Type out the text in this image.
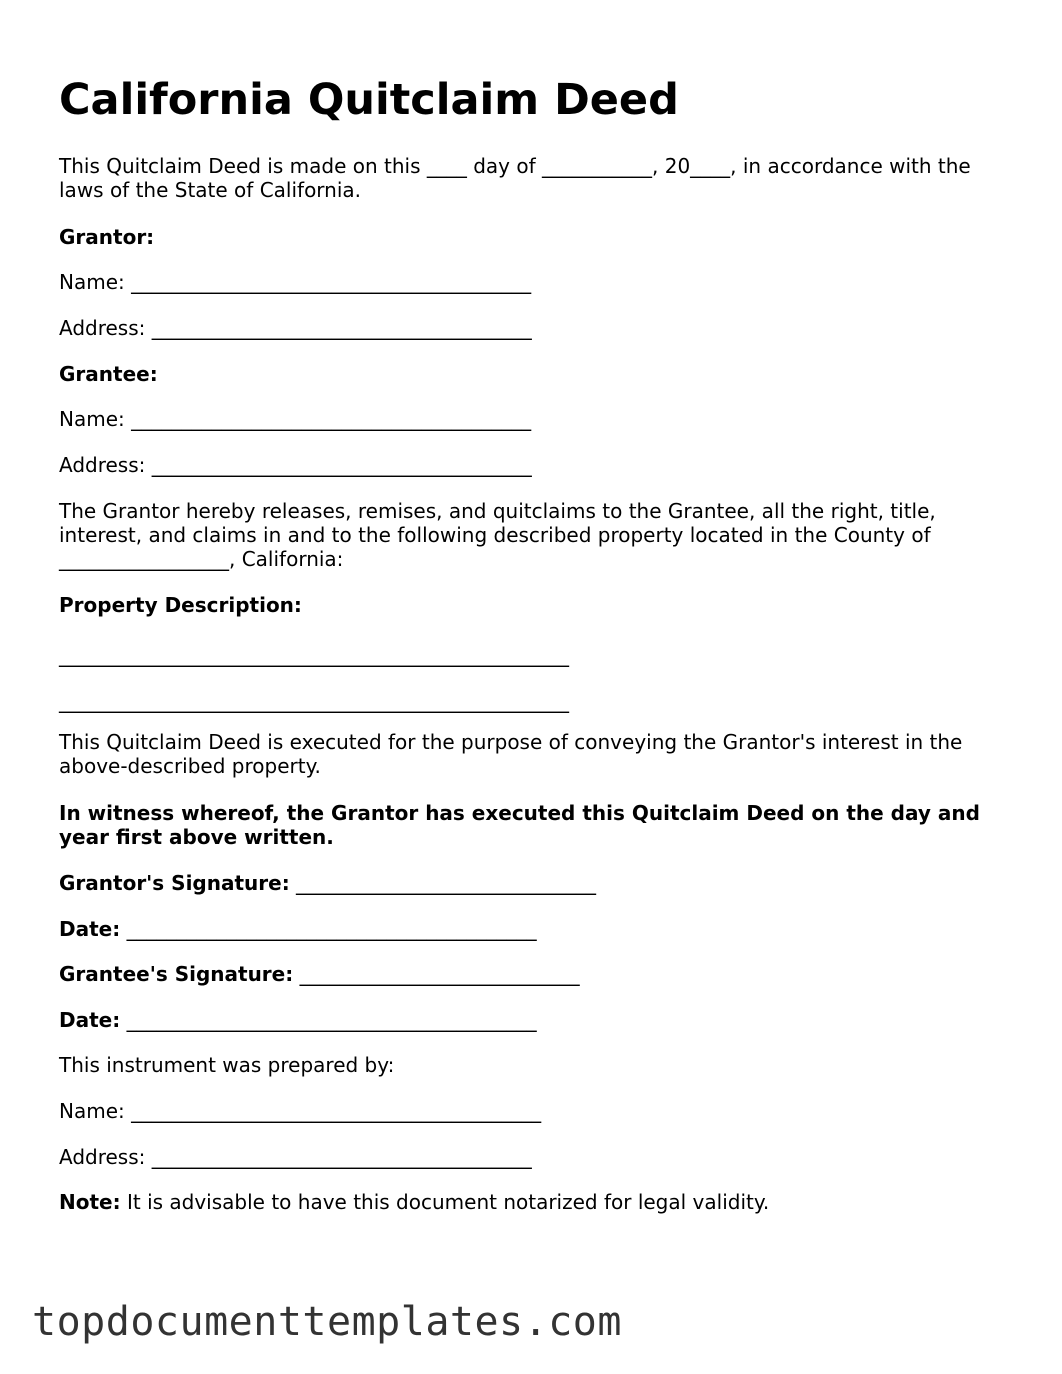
California Quitclaim Deed
This Quitclaim Deed is made on this ____ day of ___________, 20____, in accordance with the laws of the State of California.
Grantor:
Name: ________________________________________
Address: ______________________________________
Grantee:
Name: ________________________________________
Address: ______________________________________
The Grantor hereby releases, remises, and quitclaims to the Grantee, all the right, title, interest, and claims in and to the following described property located in the County of _________________, California:
Property Description:
___________________________________________________
___________________________________________________
This Quitclaim Deed is executed for the purpose of conveying the Grantor's interest in the above-described property.
In witness whereof, the Grantor has executed this Quitclaim Deed on the day and year first above written.
Grantor's Signature: ______________________________
Date: _________________________________________
Grantee's Signature: ____________________________
Date: _________________________________________
This instrument was prepared by:
Name: _________________________________________
Address: ______________________________________
Note: It is advisable to have this document notarized for legal validity.
topdocumenttemplates.com
